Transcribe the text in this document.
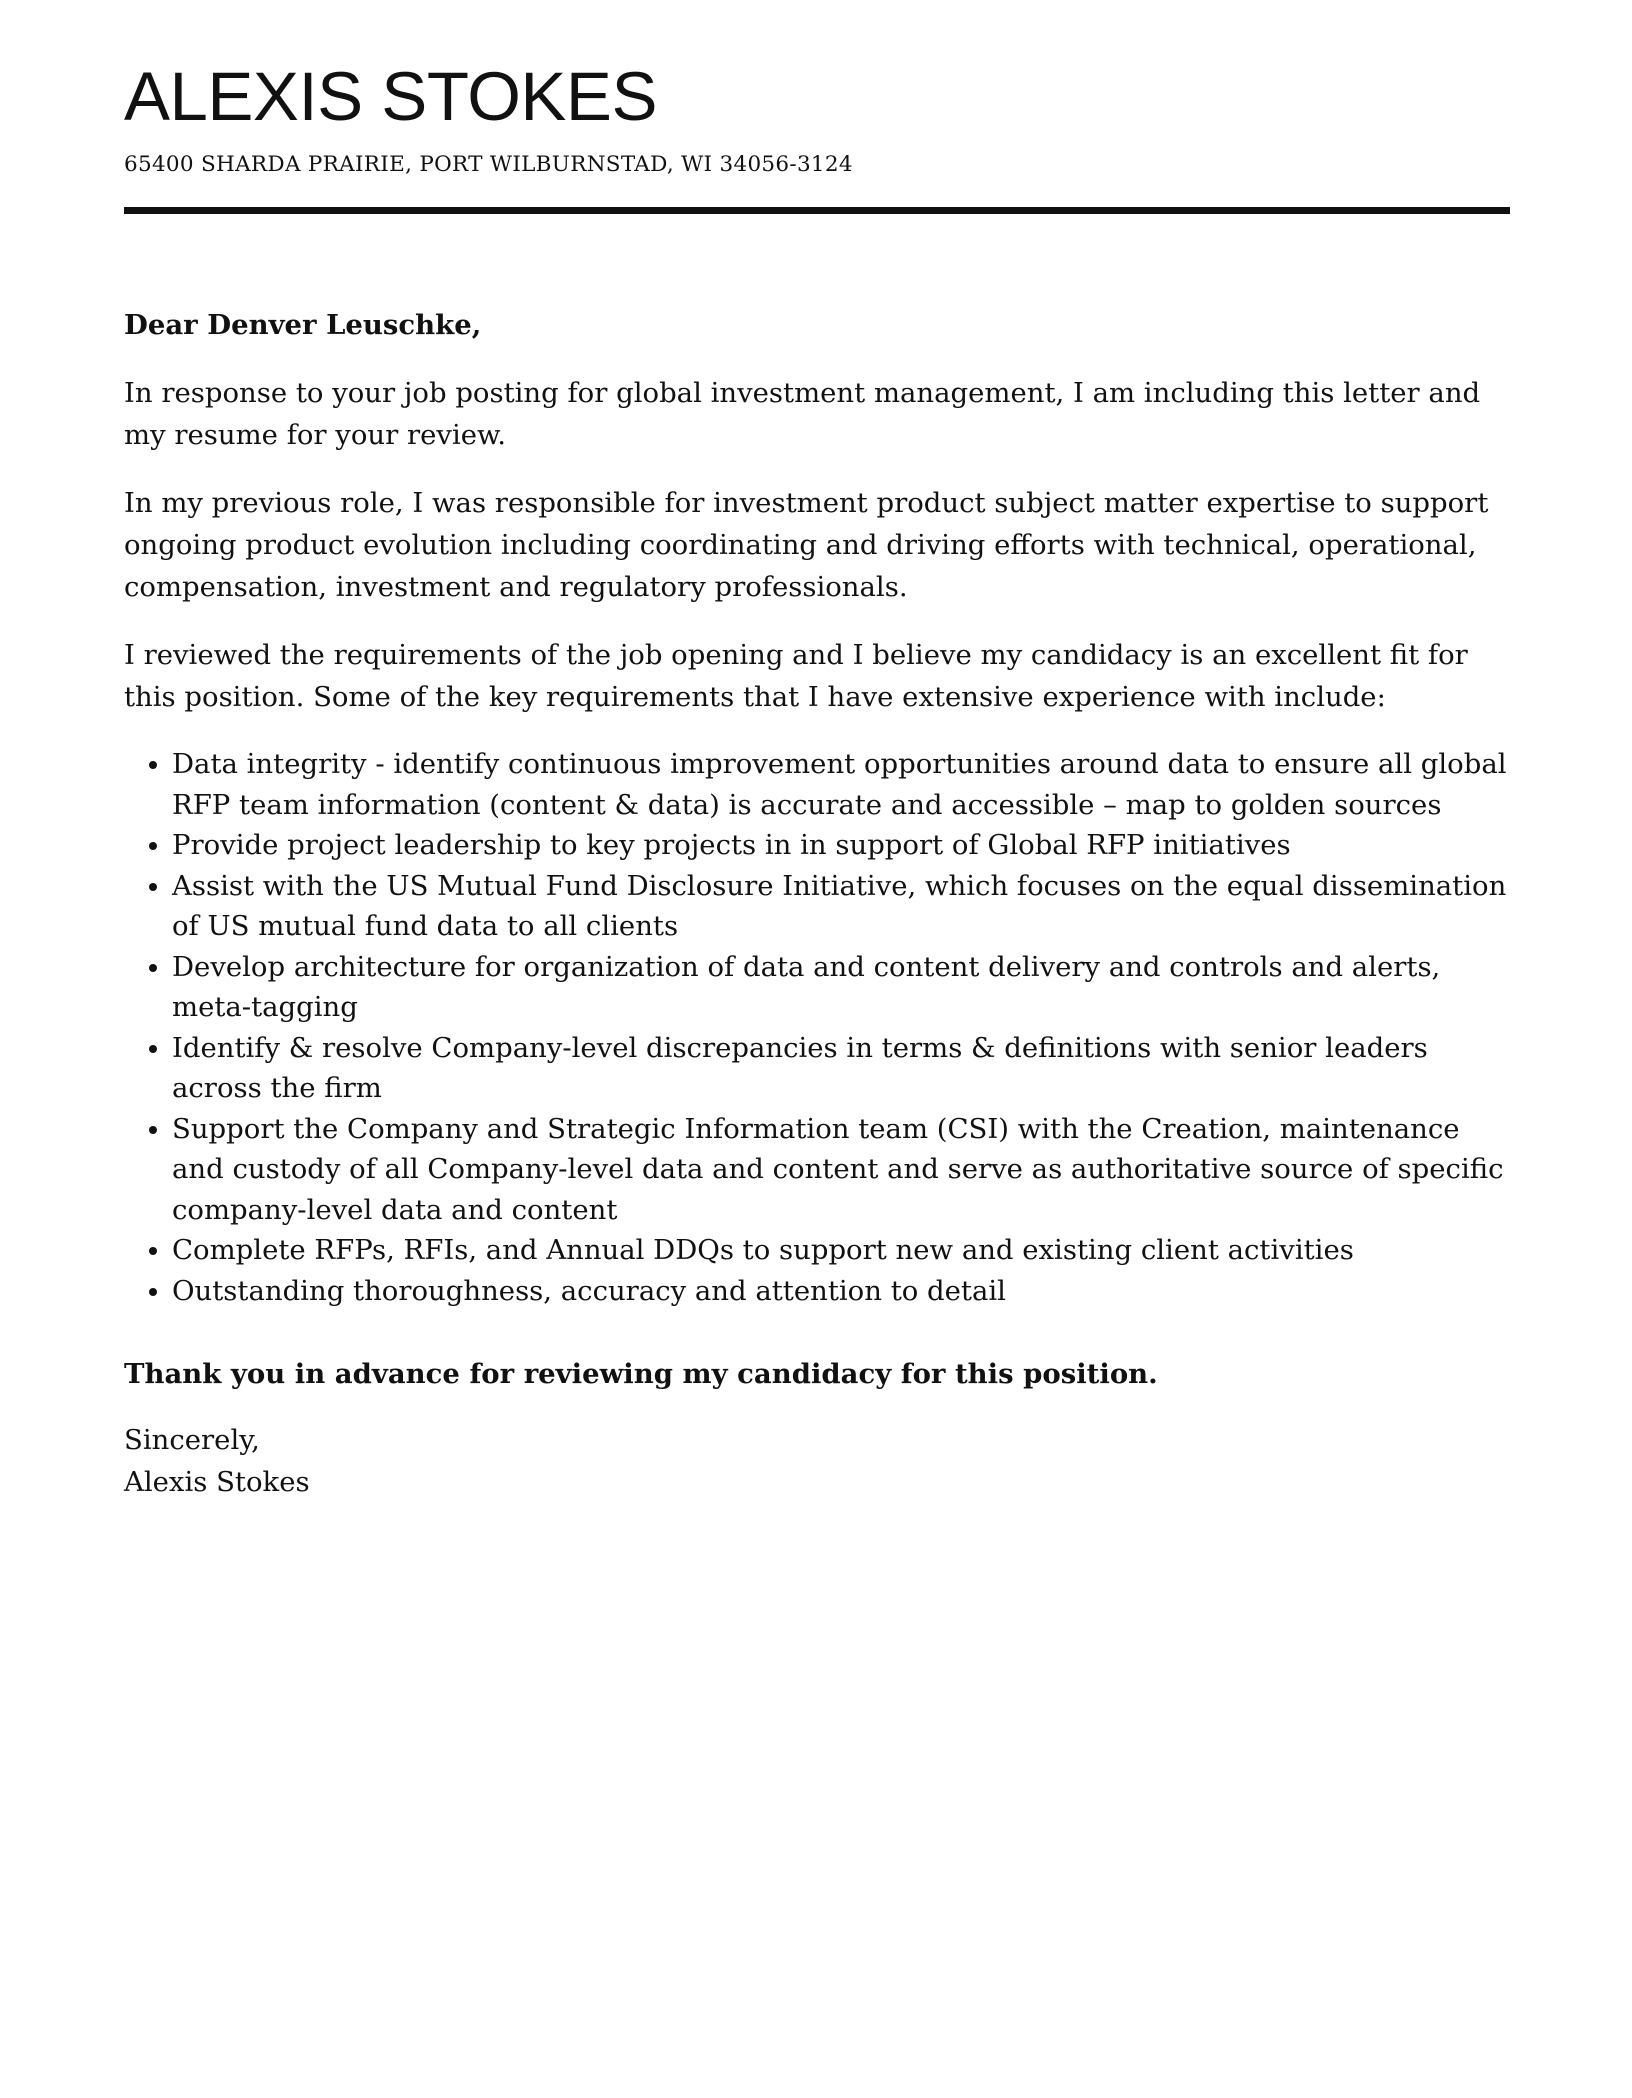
ALEXIS STOKES
65400 SHARDA PRAIRIE, PORT WILBURNSTAD, WI 34056-3124

Dear Denver Leuschke,

In response to your job posting for global investment management, I am including this letter and my resume for your review.

In my previous role, I was responsible for investment product subject matter expertise to support ongoing product evolution including coordinating and driving efforts with technical, operational, compensation, investment and regulatory professionals.

I reviewed the requirements of the job opening and I believe my candidacy is an excellent fit for this position. Some of the key requirements that I have extensive experience with include:

• Data integrity - identify continuous improvement opportunities around data to ensure all global RFP team information (content & data) is accurate and accessible – map to golden sources
• Provide project leadership to key projects in in support of Global RFP initiatives
• Assist with the US Mutual Fund Disclosure Initiative, which focuses on the equal dissemination of US mutual fund data to all clients
• Develop architecture for organization of data and content delivery and controls and alerts, meta-tagging
• Identify & resolve Company-level discrepancies in terms & definitions with senior leaders across the firm
• Support the Company and Strategic Information team (CSI) with the Creation, maintenance and custody of all Company-level data and content and serve as authoritative source of specific company-level data and content
• Complete RFPs, RFIs, and Annual DDQs to support new and existing client activities
• Outstanding thoroughness, accuracy and attention to detail

Thank you in advance for reviewing my candidacy for this position.

Sincerely,

Alexis Stokes
